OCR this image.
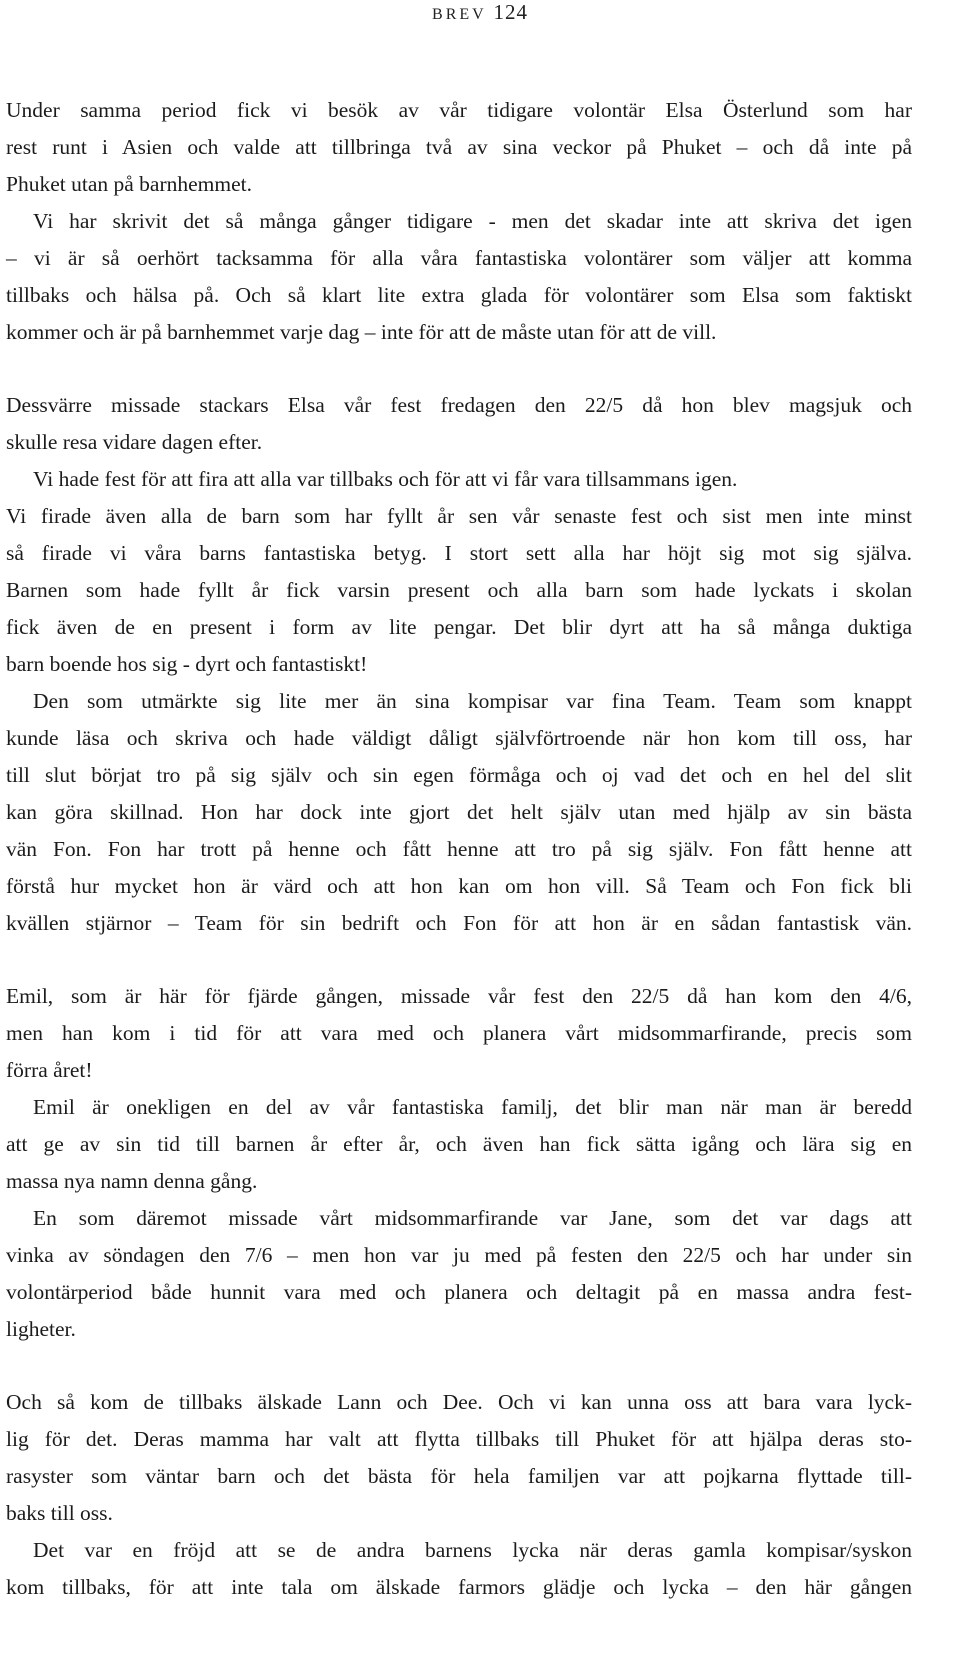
BREV 124
Under samma period fick vi besök av vår tidigare volontär Elsa Österlund som har
rest runt i Asien och valde att tillbringa två av sina veckor på Phuket – och då inte på
Phuket utan på barnhemmet.
Vi har skrivit det så många gånger tidigare - men det skadar inte att skriva det igen
– vi är så oerhört tacksamma för alla våra fantastiska volontärer som väljer att komma
tillbaks och hälsa på. Och så klart lite extra glada för volontärer som Elsa som faktiskt
kommer och är på barnhemmet varje dag – inte för att de måste utan för att de vill.
Dessvärre missade stackars Elsa vår fest fredagen den 22/5 då hon blev magsjuk och
skulle resa vidare dagen efter.
Vi hade fest för att fira att alla var tillbaks och för att vi får vara tillsammans igen.
Vi firade även alla de barn som har fyllt år sen vår senaste fest och sist men inte minst
så firade vi våra barns fantastiska betyg. I stort sett alla har höjt sig mot sig själva.
Barnen som hade fyllt år fick varsin present och alla barn som hade lyckats i skolan
fick även de en present i form av lite pengar. Det blir dyrt att ha så många duktiga
barn boende hos sig - dyrt och fantastiskt!
Den som utmärkte sig lite mer än sina kompisar var fina Team. Team som knappt
kunde läsa och skriva och hade väldigt dåligt självförtroende när hon kom till oss, har
till slut börjat tro på sig själv och sin egen förmåga och oj vad det och en hel del slit
kan göra skillnad. Hon har dock inte gjort det helt själv utan med hjälp av sin bästa
vän Fon. Fon har trott på henne och fått henne att tro på sig själv. Fon fått henne att
förstå hur mycket hon är värd och att hon kan om hon vill. Så Team och Fon fick bli
kvällen stjärnor – Team för sin bedrift och Fon för att hon är en sådan fantastisk vän.
Emil, som är här för fjärde gången, missade vår fest den 22/5 då han kom den 4/6,
men han kom i tid för att vara med och planera vårt midsommarfirande, precis som
förra året!
Emil är onekligen en del av vår fantastiska familj, det blir man när man är beredd
att ge av sin tid till barnen år efter år, och även han fick sätta igång och lära sig en
massa nya namn denna gång.
En som däremot missade vårt midsommarfirande var Jane, som det var dags att
vinka av söndagen den 7/6 – men hon var ju med på festen den 22/5 och har under sin
volontärperiod både hunnit vara med och planera och deltagit på en massa andra fest-
ligheter.
Och så kom de tillbaks älskade Lann och Dee. Och vi kan unna oss att bara vara lyck-
lig för det. Deras mamma har valt att flytta tillbaks till Phuket för att hjälpa deras sto-
rasyster som väntar barn och det bästa för hela familjen var att pojkarna flyttade till-
baks till oss.
Det var en fröjd att se de andra barnens lycka när deras gamla kompisar/syskon
kom tillbaks, för att inte tala om älskade farmors glädje och lycka – den här gången
